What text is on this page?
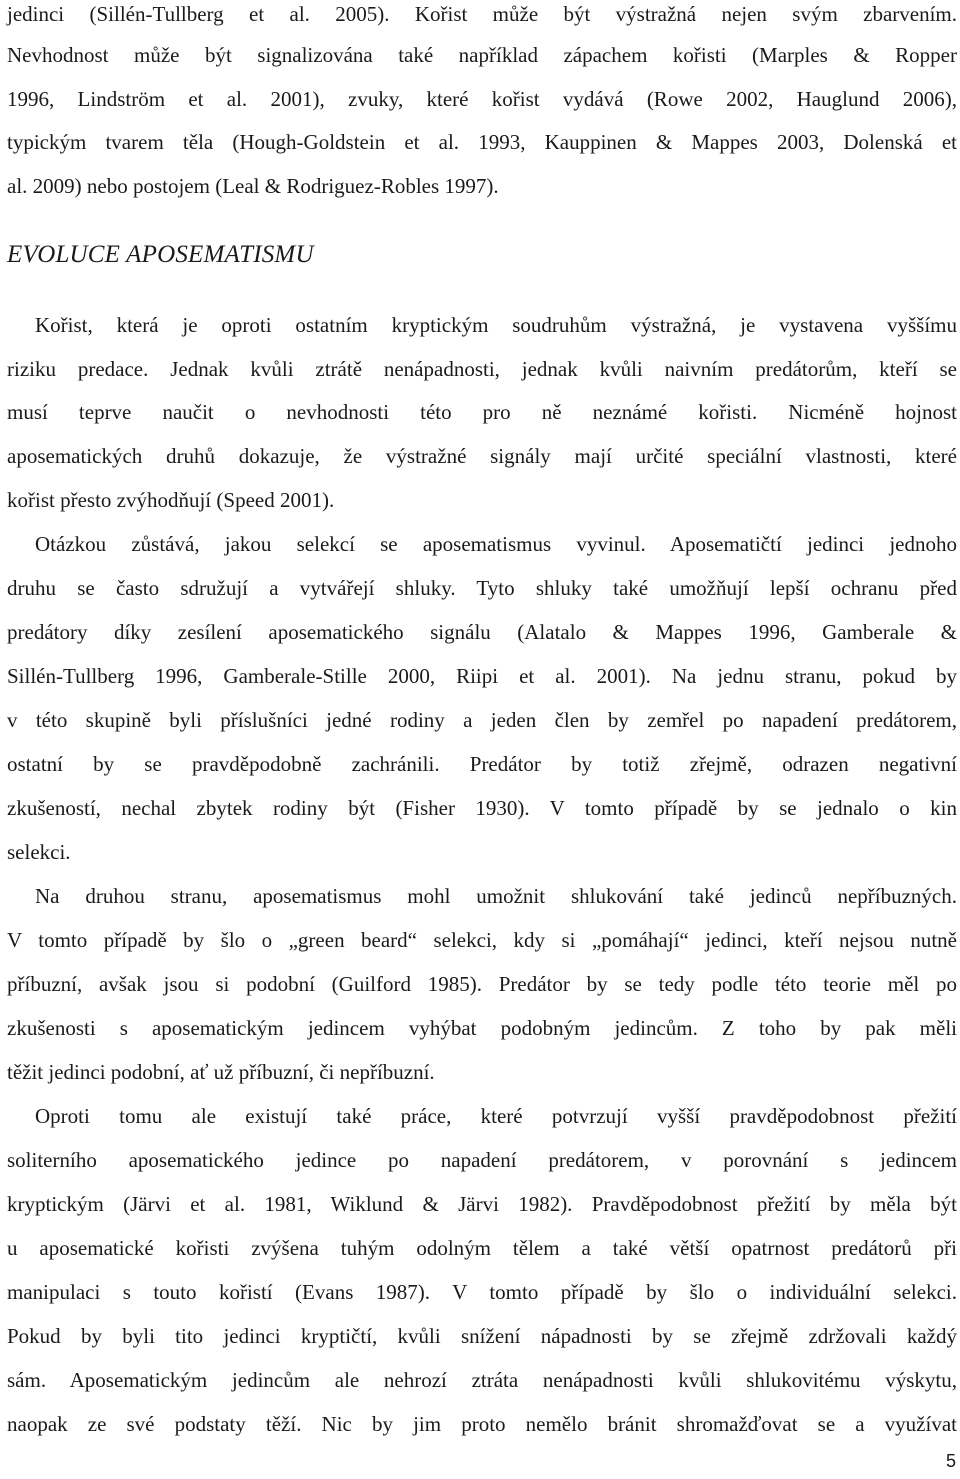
jedinci (Sillén-Tullberg et al. 2005). Kořist může být výstražná nejen svým zbarvením.
Nevhodnost může být signalizována také například zápachem kořisti (Marples & Ropper
1996, Lindström et al. 2001), zvuky, které kořist vydává (Rowe 2002, Hauglund 2006),
typickým tvarem těla (Hough-Goldstein et al. 1993, Kauppinen & Mappes 2003, Dolenská et
al. 2009) nebo postojem (Leal & Rodriguez-Robles 1997).
EVOLUCE APOSEMATISMU
Kořist, která je oproti ostatním kryptickým soudruhům výstražná, je vystavena vyššímu
riziku predace. Jednak kvůli ztrátě nenápadnosti, jednak kvůli naivním predátorům, kteří se
musí teprve naučit o nevhodnosti této pro ně neznámé kořisti. Nicméně hojnost
aposematických druhů dokazuje, že výstražné signály mají určité speciální vlastnosti, které
kořist přesto zvýhodňují (Speed 2001).
Otázkou zůstává, jakou selekcí se aposematismus vyvinul. Aposematičtí jedinci jednoho
druhu se často sdružují a vytvářejí shluky. Tyto shluky také umožňují lepší ochranu před
predátory díky zesílení aposematického signálu (Alatalo & Mappes 1996, Gamberale &
Sillén-Tullberg 1996, Gamberale-Stille 2000, Riipi et al. 2001). Na jednu stranu, pokud by
v této skupině byli příslušníci jedné rodiny a jeden člen by zemřel po napadení predátorem,
ostatní by se pravděpodobně zachránili. Predátor by totiž zřejmě, odrazen negativní
zkušeností, nechal zbytek rodiny být (Fisher 1930). V tomto případě by se jednalo o kin
selekci.
Na druhou stranu, aposematismus mohl umožnit shlukování také jedinců nepříbuzných.
V tomto případě by šlo o „green beard“ selekci, kdy si „pomáhají“ jedinci, kteří nejsou nutně
příbuzní, avšak jsou si podobní (Guilford 1985). Predátor by se tedy podle této teorie měl po
zkušenosti s aposematickým jedincem vyhýbat podobným jedincům. Z toho by pak měli
těžit jedinci podobní, ať už příbuzní, či nepříbuzní.
Oproti tomu ale existují také práce, které potvrzují vyšší pravděpodobnost přežití
soliterního aposematického jedince po napadení predátorem, v porovnání s jedincem
kryptickým (Järvi et al. 1981, Wiklund & Järvi 1982). Pravděpodobnost přežití by měla být
u aposematické kořisti zvýšena tuhým odolným tělem a také větší opatrnost predátorů při
manipulaci s touto kořistí (Evans 1987). V tomto případě by šlo o individuální selekci.
Pokud by byli tito jedinci kryptičtí, kvůli snížení nápadnosti by se zřejmě zdržovali každý
sám. Aposematickým jedincům ale nehrozí ztráta nenápadnosti kvůli shlukovitému výskytu,
naopak ze své podstaty těží. Nic by jim proto nemělo bránit shromažďovat se a využívat
5
